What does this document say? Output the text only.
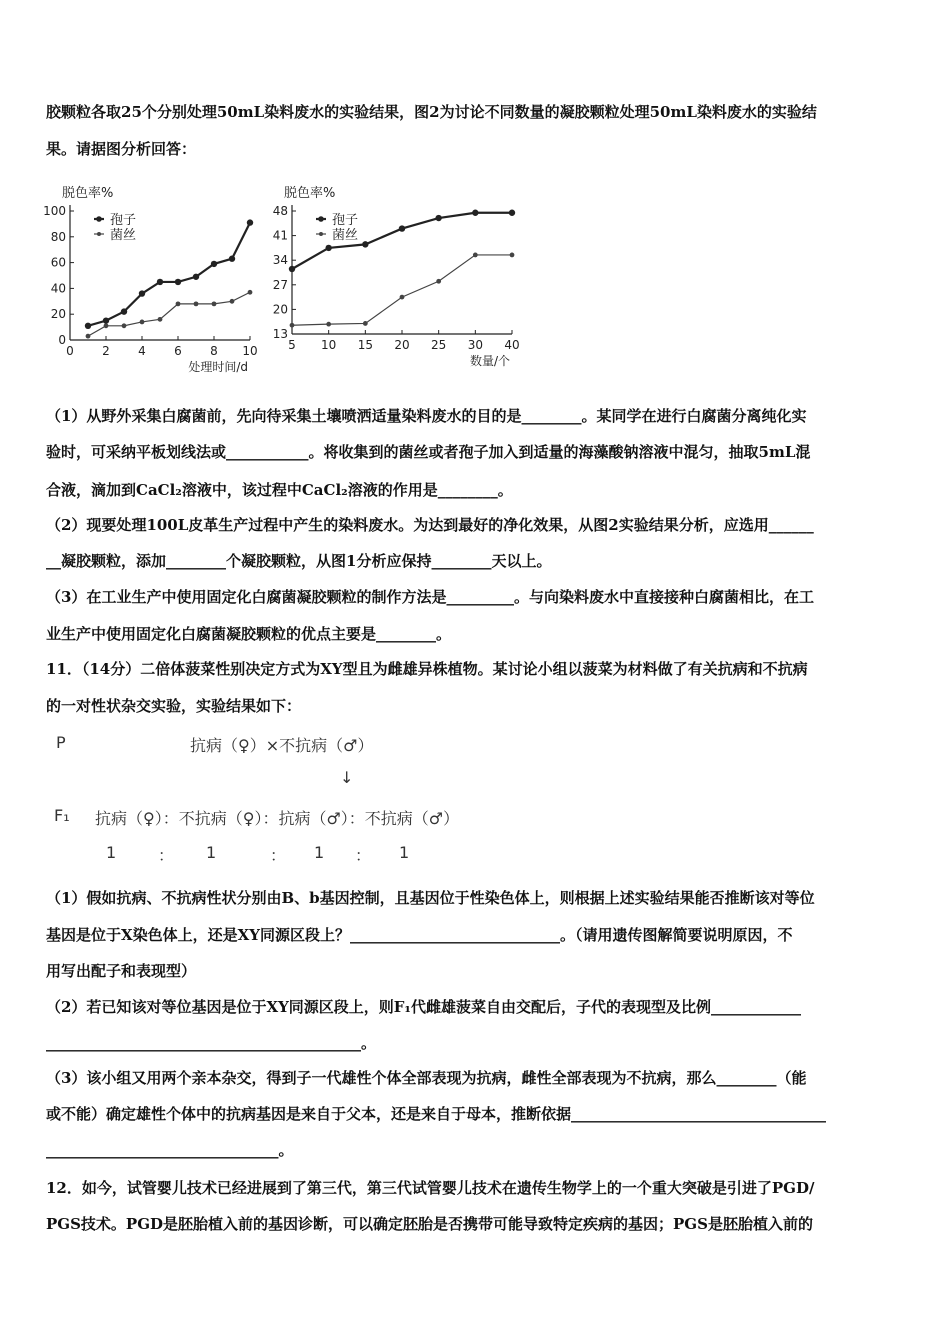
胶颗粒各取25个分别处理50mL染料废水的实验结果，图2为讨论不同数量的凝胶颗粒处理50mL染料废水的实验结
果。请据图分析回答：
脱色率%
0
20
40
60
80
100
0 2 4 6 8 10
处理时间/d
孢子
菌丝
脱色率%
13
20
27
34
41
48
5 10 15 20 25 30 40
数量/个
孢子
菌丝
（1）从野外采集白腐菌前，先向待采集土壤喷洒适量染料废水的目的是________。某同学在进行白腐菌分离纯化实
验时，可采纳平板划线法或___________。将收集到的菌丝或者孢子加入到适量的海藻酸钠溶液中混匀，抽取5mL混
合液，滴加到CaCl₂溶液中，该过程中CaCl₂溶液的作用是________。
（2）现要处理100L皮革生产过程中产生的染料废水。为达到最好的净化效果，从图2实验结果分析，应选用______
__凝胶颗粒，添加________个凝胶颗粒，从图1分析应保持________天以上。
（3）在工业生产中使用固定化白腐菌凝胶颗粒的制作方法是_________。与向染料废水中直接接种白腐菌相比，在工
业生产中使用固定化白腐菌凝胶颗粒的优点主要是________。
11．（14分）二倍体菠菜性别决定方式为XY型且为雌雄异株植物。某讨论小组以菠菜为材料做了有关抗病和不抗病
的一对性状杂交实验，实验结果如下：
P	抗病（♀）×不抗病（♂）
↓
F₁ 抗病（♀）：不抗病（♀）：抗病（♂）：不抗病（♂）
1	： 1	： 1 ： 1
（1）假如抗病、不抗病性状分别由B、b基因控制，且基因位于性染色体上，则根据上述实验结果能否推断该对等位
基因是位于X染色体上，还是XY同源区段上？____________________________。（请用遗传图解简要说明原因，不
用写出配子和表现型）
（2）若已知该对等位基因是位于XY同源区段上，则F₁代雌雄菠菜自由交配后，子代的表现型及比例____________
__________________________________________。
（3）该小组又用两个亲本杂交，得到子一代雄性个体全部表现为抗病，雌性全部表现为不抗病，那么________（能
或不能）确定雄性个体中的抗病基因是来自于父本，还是来自于母本，推断依据__________________________________
_______________________________。
12．如今，试管婴儿技术已经进展到了第三代，第三代试管婴儿技术在遗传生物学上的一个重大突破是引进了PGD/
PGS技术。PGD是胚胎植入前的基因诊断，可以确定胚胎是否携带可能导致特定疾病的基因；PGS是胚胎植入前的
